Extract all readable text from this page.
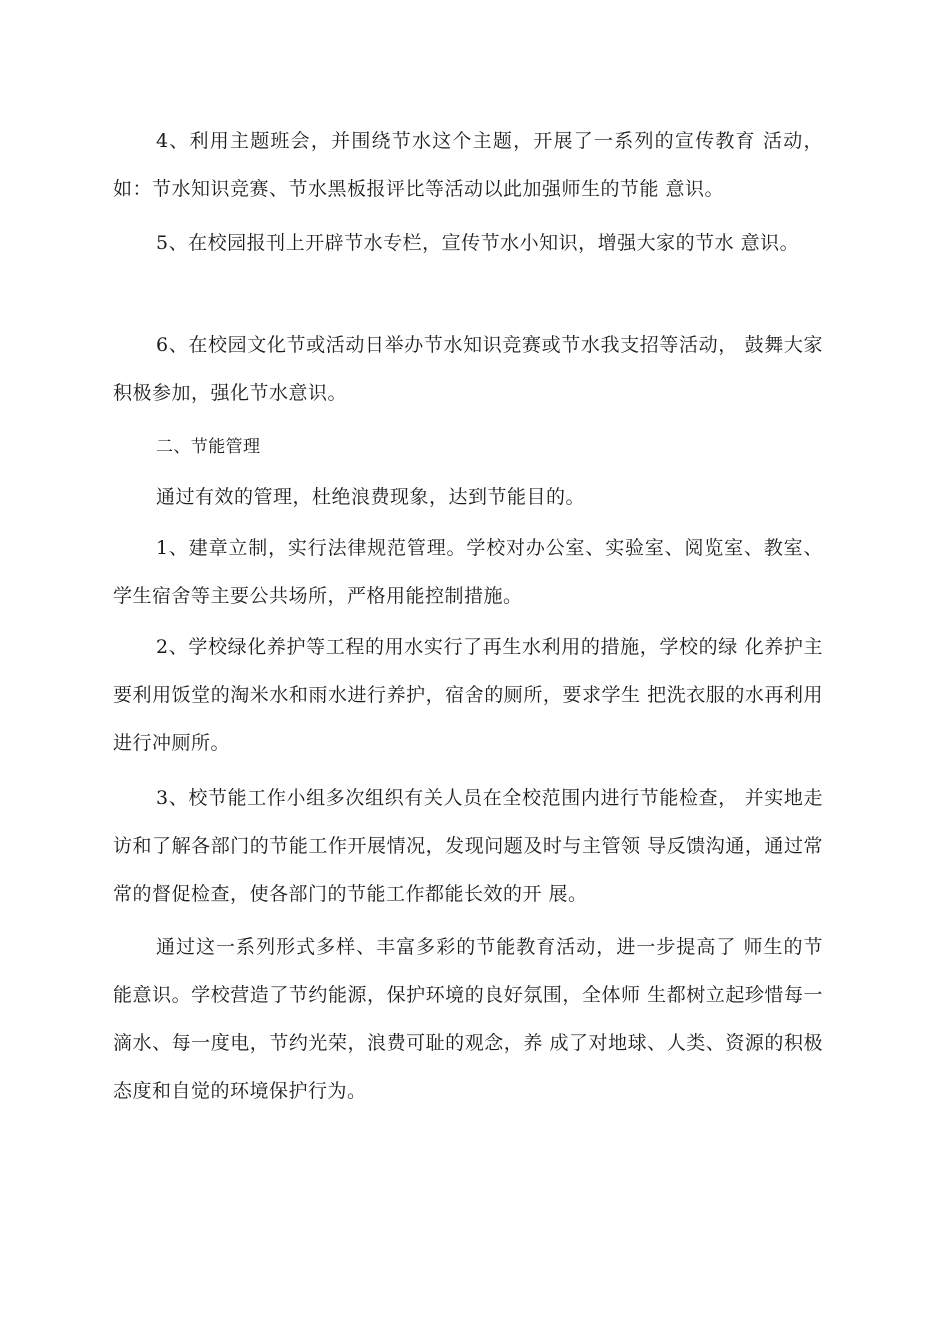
4、利用主题班会，并围绕节水这个主题，开展了一系列的宣传教育 活动，如：节水知识竞赛、节水黑板报评比等活动以此加强师生的节能 意识。

5、在校园报刊上开辟节水专栏，宣传节水小知识，增强大家的节水 意识。

6、在校园文化节或活动日举办节水知识竞赛或节水我支招等活动， 鼓舞大家积极参加，强化节水意识。

二、节能管理

通过有效的管理，杜绝浪费现象，达到节能目的。

1、建章立制，实行法律规范管理。学校对办公室、实验室、阅览室、教室、学生宿舍等主要公共场所，严格用能控制措施。

2、学校绿化养护等工程的用水实行了再生水利用的措施，学校的绿 化养护主要利用饭堂的淘米水和雨水进行养护，宿舍的厕所，要求学生 把洗衣服的水再利用进行冲厕所。

3、校节能工作小组多次组织有关人员在全校范围内进行节能检查， 并实地走访和了解各部门的节能工作开展情况，发现问题及时与主管领 导反馈沟通，通过常常的督促检查，使各部门的节能工作都能长效的开 展。

通过这一系列形式多样、丰富多彩的节能教育活动，进一步提高了 师生的节能意识。学校营造了节约能源，保护环境的良好氛围，全体师 生都树立起珍惜每一滴水、每一度电，节约光荣，浪费可耻的观念，养 成了对地球、人类、资源的积极态度和自觉的环境保护行为。
